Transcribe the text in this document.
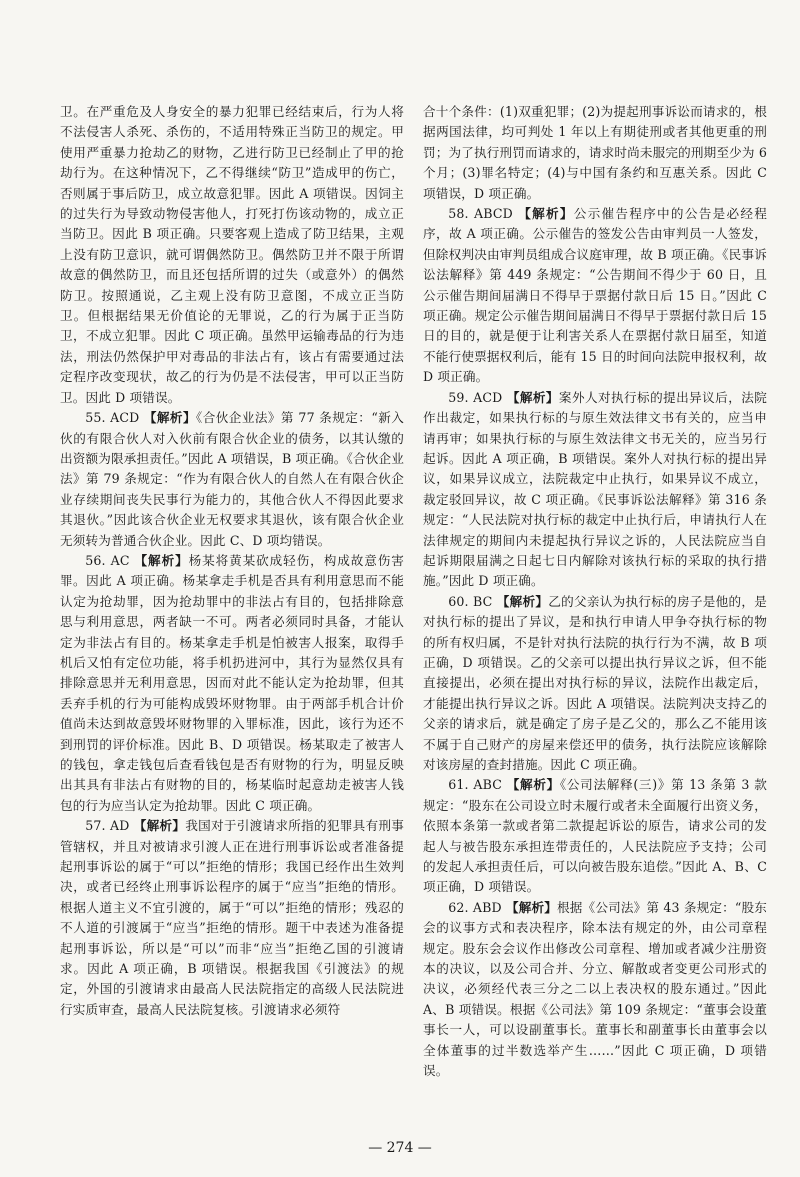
卫。在严重危及人身安全的暴力犯罪已经结束后，行为人将不法侵害人杀死、杀伤的，不适用特殊正当防卫的规定。甲使用严重暴力抢劫乙的财物，乙进行防卫已经制止了甲的抢劫行为。在这种情况下，乙不得继续“防卫”造成甲的伤亡，否则属于事后防卫，成立故意犯罪。因此 A 项错误。因饲主的过失行为导致动物侵害他人，打死打伤该动物的，成立正当防卫。因此 B 项正确。只要客观上造成了防卫结果，主观上没有防卫意识，就可谓偶然防卫。偶然防卫并不限于所谓故意的偶然防卫，而且还包括所谓的过失（或意外）的偶然防卫。按照通说，乙主观上没有防卫意图，不成立正当防卫。但根据结果无价值论的无罪说，乙的行为属于正当防卫，不成立犯罪。因此 C 项正确。虽然甲运输毒品的行为违法，刑法仍然保护甲对毒品的非法占有，该占有需要通过法定程序改变现状，故乙的行为仍是不法侵害，甲可以正当防卫。因此 D 项错误。

55. ACD 【解析】《合伙企业法》第 77 条规定：“新入伙的有限合伙人对入伙前有限合伙企业的债务，以其认缴的出资额为限承担责任。”因此 A 项错误，B 项正确。《合伙企业法》第 79 条规定：“作为有限合伙人的自然人在有限合伙企业存续期间丧失民事行为能力的，其他合伙人不得因此要求其退伙。”因此该合伙企业无权要求其退伙，该有限合伙企业无须转为普通合伙企业。因此 C、D 项均错误。

56. AC 【解析】杨某将黄某砍成轻伤，构成故意伤害罪。因此 A 项正确。杨某拿走手机是否具有利用意思而不能认定为抢劫罪，因为抢劫罪中的非法占有目的，包括排除意思与利用意思，两者缺一不可。两者必须同时具备，才能认定为非法占有目的。杨某拿走手机是怕被害人报案，取得手机后又怕有定位功能，将手机扔进河中，其行为显然仅具有排除意思并无利用意思，因而对此不能认定为抢劫罪，但其丢弃手机的行为可能构成毁坏财物罪。由于两部手机合计价值尚未达到故意毁坏财物罪的入罪标准，因此，该行为还不到刑罚的评价标准。因此 B、D 项错误。杨某取走了被害人的钱包，拿走钱包后查看钱包是否有财物的行为，明显反映出其具有非法占有财物的目的，杨某临时起意劫走被害人钱包的行为应当认定为抢劫罪。因此 C 项正确。

57. AD 【解析】我国对于引渡请求所指的犯罪具有刑事管辖权，并且对被请求引渡人正在进行刑事诉讼或者准备提起刑事诉讼的属于“可以”拒绝的情形；我国已经作出生效判决，或者已经终止刑事诉讼程序的属于“应当”拒绝的情形。根据人道主义不宜引渡的，属于“可以”拒绝的情形；残忍的不人道的引渡属于“应当”拒绝的情形。题干中表述为准备提起刑事诉讼，所以是“可以”而非“应当”拒绝乙国的引渡请求。因此 A 项正确，B 项错误。根据我国《引渡法》的规定，外国的引渡请求由最高人民法院指定的高级人民法院进行实质审查，最高人民法院复核。引渡请求必须符

合十个条件：(1)双重犯罪；(2)为提起刑事诉讼而请求的，根据两国法律，均可判处 1 年以上有期徒刑或者其他更重的刑罚；为了执行刑罚而请求的，请求时尚未服完的刑期至少为 6 个月；(3)罪名特定；(4)与中国有条约和互惠关系。因此 C 项错误，D 项正确。

58. ABCD 【解析】公示催告程序中的公告是必经程序，故 A 项正确。公示催告的签发公告由审判员一人签发，但除权判决由审判员组成合议庭审理，故 B 项正确。《民事诉讼法解释》第 449 条规定：“公告期间不得少于 60 日，且公示催告期间届满日不得早于票据付款日后 15 日。”因此 C 项正确。规定公示催告期间届满日不得早于票据付款日后 15 日的目的，就是便于让利害关系人在票据付款日届至，知道不能行使票据权利后，能有 15 日的时间向法院申报权利，故 D 项正确。

59. ACD 【解析】案外人对执行标的提出异议后，法院作出裁定，如果执行标的与原生效法律文书有关的，应当申请再审；如果执行标的与原生效法律文书无关的，应当另行起诉。因此 A 项正确，B 项错误。案外人对执行标的提出异议，如果异议成立，法院裁定中止执行，如果异议不成立，裁定驳回异议，故 C 项正确。《民事诉讼法解释》第 316 条规定：“人民法院对执行标的裁定中止执行后，申请执行人在法律规定的期间内未提起执行异议之诉的，人民法院应当自起诉期限届满之日起七日内解除对该执行标的采取的执行措施。”因此 D 项正确。

60. BC 【解析】乙的父亲认为执行标的房子是他的，是对执行标的提出了异议，是和执行申请人甲争夺执行标的物的所有权归属，不是针对执行法院的执行行为不满，故 B 项正确，D 项错误。乙的父亲可以提出执行异议之诉，但不能直接提出，必须在提出对执行标的异议，法院作出裁定后，才能提出执行异议之诉。因此 A 项错误。法院判决支持乙的父亲的请求后，就是确定了房子是乙父的，那么乙不能用该不属于自己财产的房屋来偿还甲的债务，执行法院应该解除对该房屋的查封措施。因此 C 项正确。

61. ABC 【解析】《公司法解释(三)》第 13 条第 3 款规定：“股东在公司设立时未履行或者未全面履行出资义务，依照本条第一款或者第二款提起诉讼的原告，请求公司的发起人与被告股东承担连带责任的，人民法院应予支持；公司的发起人承担责任后，可以向被告股东追偿。”因此 A、B、C 项正确，D 项错误。

62. ABD 【解析】根据《公司法》第 43 条规定：“股东会的议事方式和表决程序，除本法有规定的外，由公司章程规定。股东会会议作出修改公司章程、增加或者减少注册资本的决议，以及公司合并、分立、解散或者变更公司形式的决议，必须经代表三分之二以上表决权的股东通过。”因此 A、B 项错误。根据《公司法》第 109 条规定：“董事会设董事长一人，可以设副董事长。董事长和副董事长由董事会以全体董事的过半数选举产生……”因此 C 项正确，D 项错误。

— 274 —
